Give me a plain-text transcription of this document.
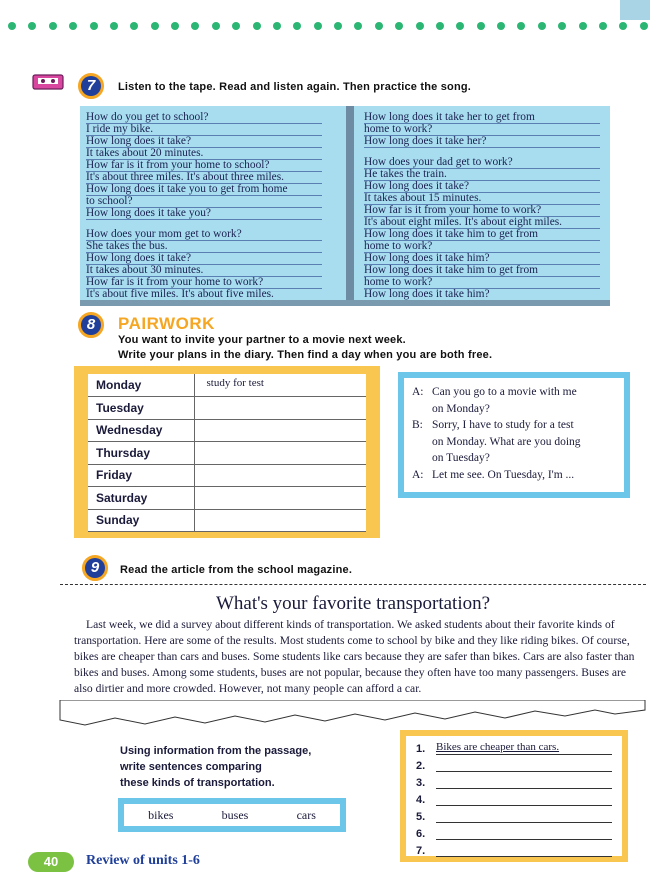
7	Listen to the tape. Read and listen again. Then practice the song.
How do you get to school?
I ride my bike.
How long does it take?
It takes about 20 minutes.
How far is it from your home to school?
It's about three miles. It's about three miles.
How long does it take you to get from home
to school?
How long does it take you?
How does your mom get to work?
She takes the bus.
How long does it take?
It takes about 30 minutes.
How far is it from your home to work?
It's about five miles. It's about five miles.
How long does it take her to get from
home to work?
How long does it take her?
How does your dad get to work?
He takes the train.
How long does it take?
It takes about 15 minutes.
How far is it from your home to work?
It's about eight miles. It's about eight miles.
How long does it take him to get from
home to work?
How long does it take him?
How long does it take him to get from
home to work?
How long does it take him?
8	PAIRWORK
You want to invite your partner to a movie next week.
Write your plans in the diary. Then find a day when you are both free.
Monday	study for test
Tuesday	
Wednesday	
Thursday	
Friday	
Saturday	
Sunday	
A: Can you go to a movie with me
on Monday?
B: Sorry, I have to study for a test
on Monday. What are you doing
on Tuesday?
A: Let me see. On Tuesday, I'm ...
9	Read the article from the school magazine.
What's your favorite transportation?
Last week, we did a survey about different kinds of transportation. We asked students about their favorite kinds of transportation. Here are some of the results. Most students come to school by bike and they like riding bikes. Of course, bikes are cheaper than cars and buses. Some students like cars because they are safer than bikes. Cars are also faster than bikes and buses. Among some students, buses are not popular, because they often have too many passengers. Buses are also dirtier and more crowded. However, not many people can afford a car.
Using information from the passage,
write sentences comparing
these kinds of transportation.
bikes	buses	cars
1. Bikes are cheaper than cars.
2.
3.
4.
5.
6.
7.
40	Review of units 1-6
